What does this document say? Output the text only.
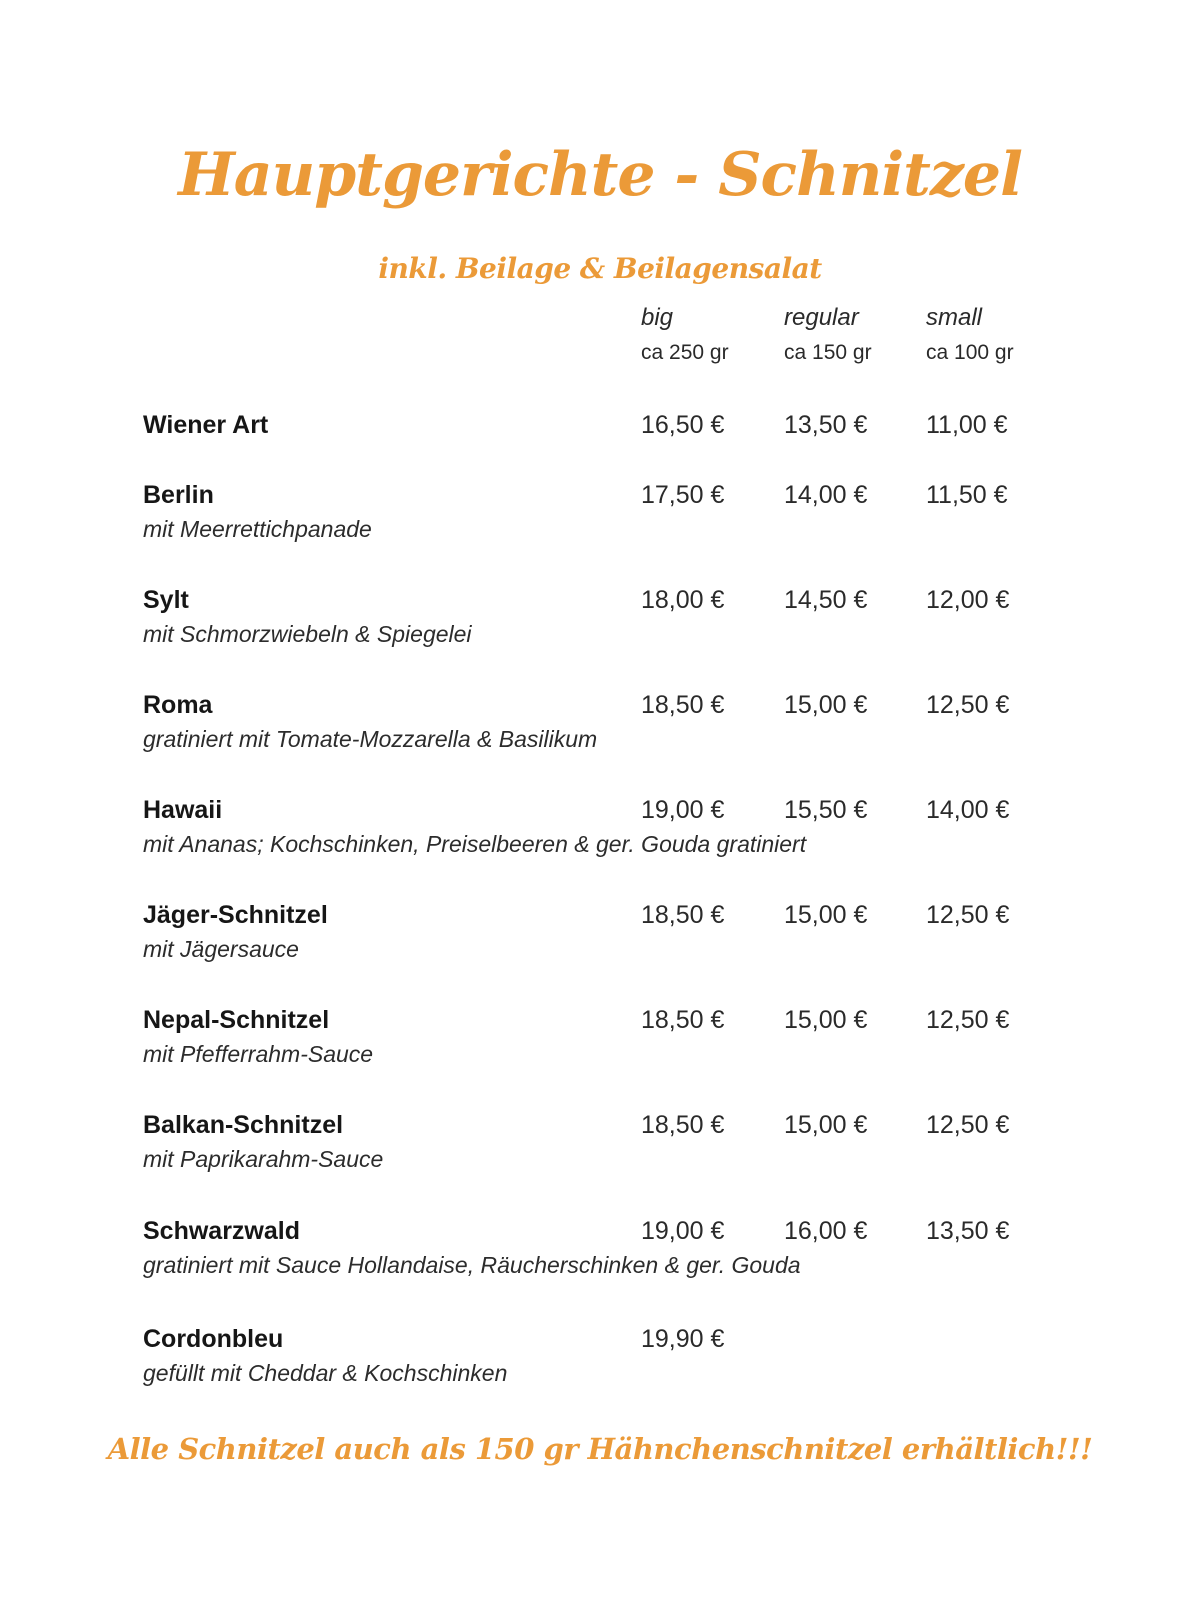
Hauptgerichte - Schnitzel
inkl. Beilage & Beilagensalat
big
ca 250 gr
regular
ca 150 gr
small
ca 100 gr
Wiener Art	16,50 € 13,50 € 11,00 €
Berlin
mit Meerrettichpanade
17,50 € 14,00 € 11,50 €
Sylt
mit Schmorzwiebeln & Spiegelei
18,00 € 14,50 € 12,00 €
Roma
gratiniert mit Tomate-Mozzarella & Basilikum
18,50 € 15,00 € 12,50 €
Hawaii
mit Ananas; Kochschinken, Preiselbeeren & ger. Gouda gratiniert
19,00 € 15,50 € 14,00 €
Jäger-Schnitzel
mit Jägersauce
18,50 € 15,00 € 12,50 €
Nepal-Schnitzel
mit Pfefferrahm-Sauce
18,50 € 15,00 € 12,50 €
Balkan-Schnitzel
mit Paprikarahm-Sauce
18,50 € 15,00 € 12,50 €
Schwarzwald
gratiniert mit Sauce Hollandaise, Räucherschinken & ger. Gouda
19,00 € 16,00 € 13,50 €
Cordonbleu
gefüllt mit Cheddar & Kochschinken
19,90 €

Alle Schnitzel auch als 150 gr Hähnchenschnitzel erhältlich!!!
